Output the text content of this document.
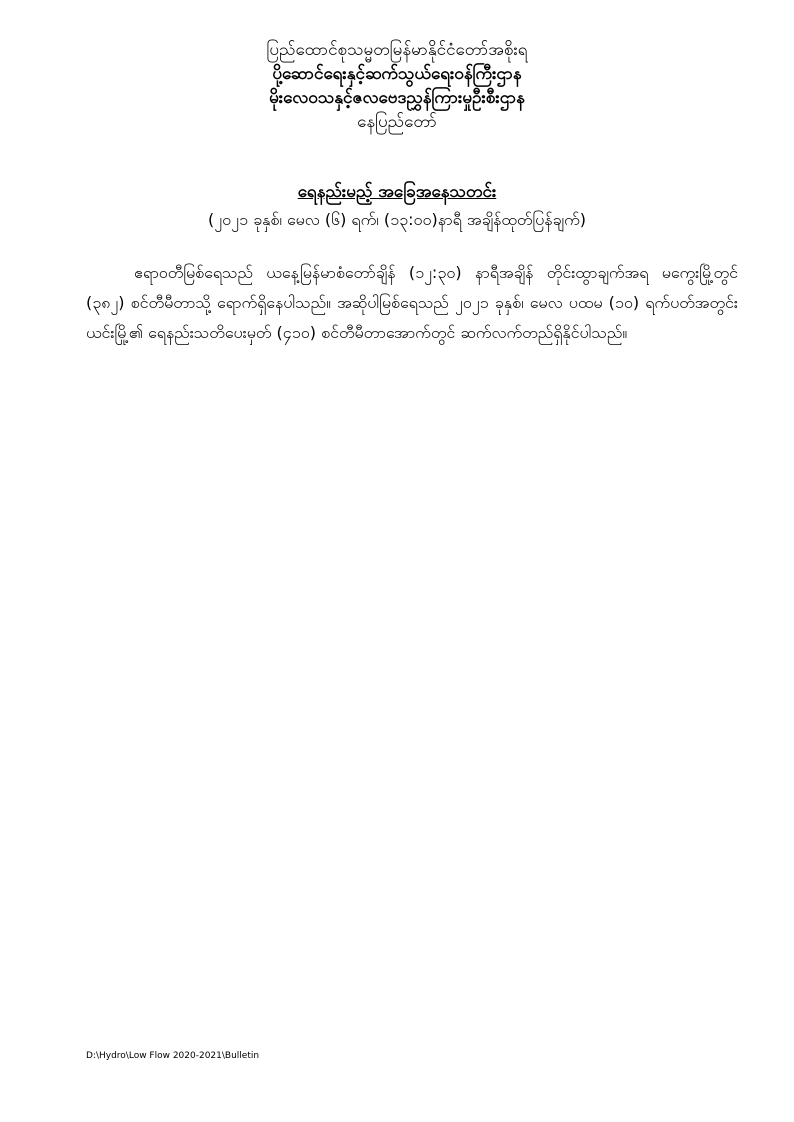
ပြည်ထောင်စုသမ္မတမြန်မာနိုင်ငံတော်အစိုးရ

ပို့ဆောင်ရေးနှင့်ဆက်သွယ်ရေးဝန်ကြီးဌာန

မိုးလေဝသနှင့်ဇလဗေဒညွှန်ကြားမှုဦးစီးဌာန

နေပြည်တော်

ရေနည်းမည့် အခြေအနေသတင်း
(၂၀၂၁ ခုနှစ်၊ မေလ (၆) ရက်၊ (၁၃:၀၀)နာရီ အချိန်ထုတ်ပြန်ချက်)

ဧရာဝတီမြစ်ရေသည် ယနေ့မြန်မာစံတော်ချိန် (၁၂:၃၀) နာရီအချိန် တိုင်းထွာချက်အရ မကွေးမြို့တွင် (၃၈၂) စင်တီမီတာသို့ ရောက်ရှိနေပါသည်။ အဆိုပါမြစ်ရေသည် ၂၀၂၁ ခုနှစ်၊ မေလ ပထမ (၁၀) ရက်ပတ်အတွင်း ယင်းမြို့၏ ရေနည်းသတိပေးမှတ် (၄၁၀) စင်တီမီတာအောက်တွင် ဆက်လက်တည်ရှိနိုင်ပါသည်။

D:\Hydro\Low Flow 2020-2021\Bulletin
